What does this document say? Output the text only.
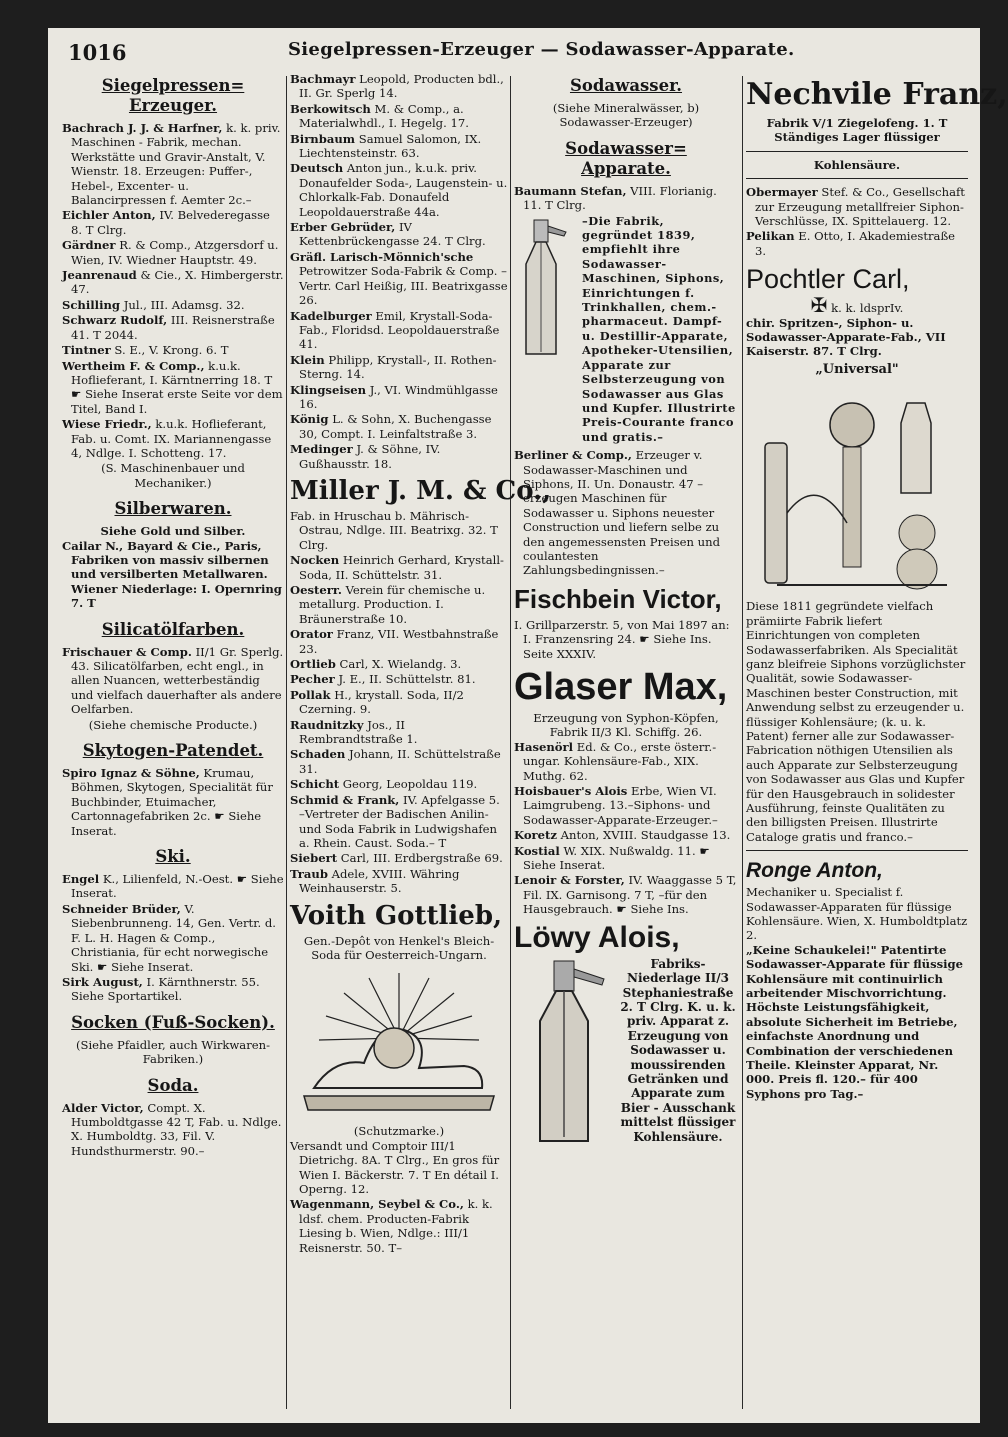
1016	Siegelpressen-Erzeuger — Sodawasser-Apparate.
Siegelpressen=
Erzeuger.
Bachrach J. J. & Harfner, k. k. priv. Maschinen - Fabrik, mechan. Werkstätte und Gravir-Anstalt, V. Wienstr. 18. Erzeugen: Puffer-, Hebel-, Excenter- u. Balancirpressen f. Aemter 2c.–
Eichler Anton, IV. Belvederegasse 8. T Clrg.
Gärdner R. & Comp., Atzgersdorf u. Wien, IV. Wiedner Hauptstr. 49.
Jeanrenaud & Cie., X. Himbergerstr. 47.
Schilling Jul., III. Adamsg. 32.
Schwarz Rudolf, III. Reisnerstraße 41. T 2044.
Tintner S. E., V. Krong. 6. T
Wertheim F. & Comp., k.u.k. Hoflieferant, I. Kärntnerring 18. T ☛ Siehe Inserat erste Seite vor dem Titel, Band I.
Wiese Friedr., k.u.k. Hoflieferant, Fab. u. Comt. IX. Mariannengasse 4, Ndlge. I. Schotteng. 17.
(S. Maschinenbauer und Mechaniker.)
Silberwaren.
Siehe Gold und Silber.
Cailar N., Bayard & Cie., Paris, Fabriken von massiv silbernen und versilberten Metallwaren. Wiener Niederlage: I. Opernring 7. T
Silicatölfarben.
Frischauer & Comp. II/1 Gr. Sperlg. 43. Silicatölfarben, echt engl., in allen Nuancen, wetterbeständig und vielfach dauerhafter als andere Oelfarben.
(Siehe chemische Producte.)
Skytogen-Patendet.
Spiro Ignaz & Söhne, Krumau, Böhmen, Skytogen, Specialität für Buchbinder, Etuimacher, Cartonnagefabriken 2c. ☛ Siehe Inserat.
Ski.
Engel K., Lilienfeld, N.-Oest. ☛ Siehe Inserat.
Schneider Brüder, V. Siebenbrunneng. 14, Gen. Vertr. d. F. L. H. Hagen & Comp., Christiania, für echt norwegische Ski. ☛ Siehe Inserat.
Sirk August, I. Kärnthnerstr. 55. Siehe Sportartikel.
Socken (Fuß-Socken).
(Siehe Pfaidler, auch Wirkwaren-Fabriken.)
Soda.
Alder Victor, Compt. X. Humboldtgasse 42 T, Fab. u. Ndlge. X. Humboldtg. 33, Fil. V. Hundsthurmerstr. 90.–
Bachmayr Leopold, Producten bdl., II. Gr. Sperlg 14.
Berkowitsch M. & Comp., a. Materialwhdl., I. Hegelg. 17.
Birnbaum Samuel Salomon, IX. Liechtensteinstr. 63.
Deutsch Anton jun., k.u.k. priv. Donaufelder Soda-, Laugenstein- u. Chlorkalk-Fab. Donaufeld Leopoldauerstraße 44a.
Erber Gebrüder, IV Kettenbrückengasse 24. T Clrg.
Gräfl. Larisch-Mönnich'sche Petrowitzer Soda-Fabrik & Comp. –Vertr. Carl Heißig, III. Beatrixgasse 26.
Kadelburger Emil, Krystall-Soda-Fab., Floridsd. Leopoldauerstraße 41.
Klein Philipp, Krystall-, II. Rothen-Sterng. 14.
Klingseisen J., VI. Windmühlgasse 16.
König L. & Sohn, X. Buchengasse 30, Compt. I. Leinfaltstraße 3.
Medinger J. & Söhne, IV. Gußhausstr. 18.
Miller J. M. & Co.,
Fab. in Hruschau b. Mährisch-Ostrau, Ndlge. III. Beatrixg. 32. T Clrg.
Nocken Heinrich Gerhard, Krystall-Soda, II. Schüttelstr. 31.
Oesterr. Verein für chemische u. metallurg. Production. I. Bräunerstraße 10.
Orator Franz, VII. Westbahnstraße 23.
Ortlieb Carl, X. Wielandg. 3.
Pecher J. E., II. Schüttelstr. 81.
Pollak H., krystall. Soda, II/2 Czerning. 9.
Raudnitzky Jos., II Rembrandtstraße 1.
Schaden Johann, II. Schüttelstraße 31.
Schicht Georg, Leopoldau 119.
Schmid & Frank, IV. Apfelgasse 5. –Vertreter der Badischen Anilin- und Soda Fabrik in Ludwigshafen a. Rhein. Caust. Soda.– T
Siebert Carl, III. Erdbergstraße 69.
Traub Adele, XVIII. Währing Weinhauserstr. 5.
Voith Gottlieb,
Gen.-Depôt von Henkel's Bleich-Soda für Oesterreich-Ungarn.
(Schutzmarke.)
Versandt und Comptoir III/1 Dietrichg. 8A. T Clrg., En gros für Wien I. Bäckerstr. 7. T En détail I. Operng. 12.
Wagenmann, Seybel & Co., k. k. ldsf. chem. Producten-Fabrik Liesing b. Wien, Ndlge.: III/1 Reisnerstr. 50. T–
Sodawasser.
(Siehe Mineralwässer, b) Sodawasser-Erzeuger)
Sodawasser=
Apparate.
Baumann Stefan, VIII. Florianig. 11. T Clrg.
–Die Fabrik, gegründet 1839, empfiehlt ihre Sodawasser-Maschinen, Siphons, Einrichtungen f. Trinkhallen, chem.-pharmaceut. Dampf- u. Destillir-Apparate, Apotheker-Utensilien, Apparate zur Selbsterzeugung von Sodawasser aus Glas und Kupfer. Illustrirte Preis-Courante franco und gratis.–
Berliner & Comp., Erzeuger v. Sodawasser-Maschinen und Siphons, II. Un. Donaustr. 47 –erzeugen Maschinen für Sodawasser u. Siphons neuester Construction und liefern selbe zu den angemessensten Preisen und coulantesten Zahlungsbedingnissen.–
Fischbein Victor,
I. Grillparzerstr. 5, von Mai 1897 an: I. Franzensring 24. ☛ Siehe Ins. Seite XXXIV.
Glaser Max,
Erzeugung von Syphon-Köpfen, Fabrik II/3 Kl. Schiffg. 26.
Hasenörl Ed. & Co., erste österr.-ungar. Kohlensäure-Fab., XIX. Muthg. 62.
Hoisbauer's Alois Erbe, Wien VI. Laimgrubeng. 13.–Siphons- und Sodawasser-Apparate-Erzeuger.–
Koretz Anton, XVIII. Staudgasse 13.
Kostial W. XIX. Nußwaldg. 11. ☛ Siehe Inserat.
Lenoir & Forster, IV. Waaggasse 5 T, Fil. IX. Garnisong. 7 T, –für den Hausgebrauch. ☛ Siehe Ins.
Löwy Alois,
Fabriks-Niederlage II/3 Stephaniestraße 2. T Clrg. K. u. k. priv. Apparat z. Erzeugung von Sodawasser u. moussirenden Getränken und Apparate zum Bier - Ausschank mittelst flüssiger Kohlensäure.
Nechvile Franz,
Fabrik V/1 Ziegelofeng. 1. T Ständiges Lager flüssiger
Kohlensäure.
Obermayer Stef. & Co., Gesellschaft zur Erzeugung metallfreier Siphon-Verschlüsse, IX. Spittelauerg. 12.
Pelikan E. Otto, I. Akademiestraße 3.
Pochtler Carl,
✠ k. k. ldsprIv.
chir. Spritzen-, Siphon- u. Sodawasser-Apparate-Fab., VII Kaiserstr. 87. T Clrg.
„Universal"
Diese 1811 gegründete vielfach prämiirte Fabrik liefert Einrichtungen von completen Sodawasserfabriken. Als Specialität ganz bleifreie Siphons vorzüglichster Qualität, sowie Sodawasser-Maschinen bester Construction, mit Anwendung selbst zu erzeugender u. flüssiger Kohlensäure; (k. u. k. Patent) ferner alle zur Sodawasser-Fabrication nöthigen Utensilien als auch Apparate zur Selbsterzeugung von Sodawasser aus Glas und Kupfer für den Hausgebrauch in solidester Ausführung, feinste Qualitäten zu den billigsten Preisen. Illustrirte Cataloge gratis und franco.–
Ronge Anton,
Mechaniker u. Specialist f. Sodawasser-Apparaten für flüssige Kohlensäure. Wien, X. Humboldtplatz 2.
„Keine Schaukelei!" Patentirte Sodawasser-Apparate für flüssige Kohlensäure mit continuirlich arbeitender Mischvorrichtung. Höchste Leistungsfähigkeit, absolute Sicherheit im Betriebe, einfachste Anordnung und Combination der verschiedenen Theile. Kleinster Apparat, Nr. 000. Preis fl. 120.– für 400 Syphons pro Tag.–
